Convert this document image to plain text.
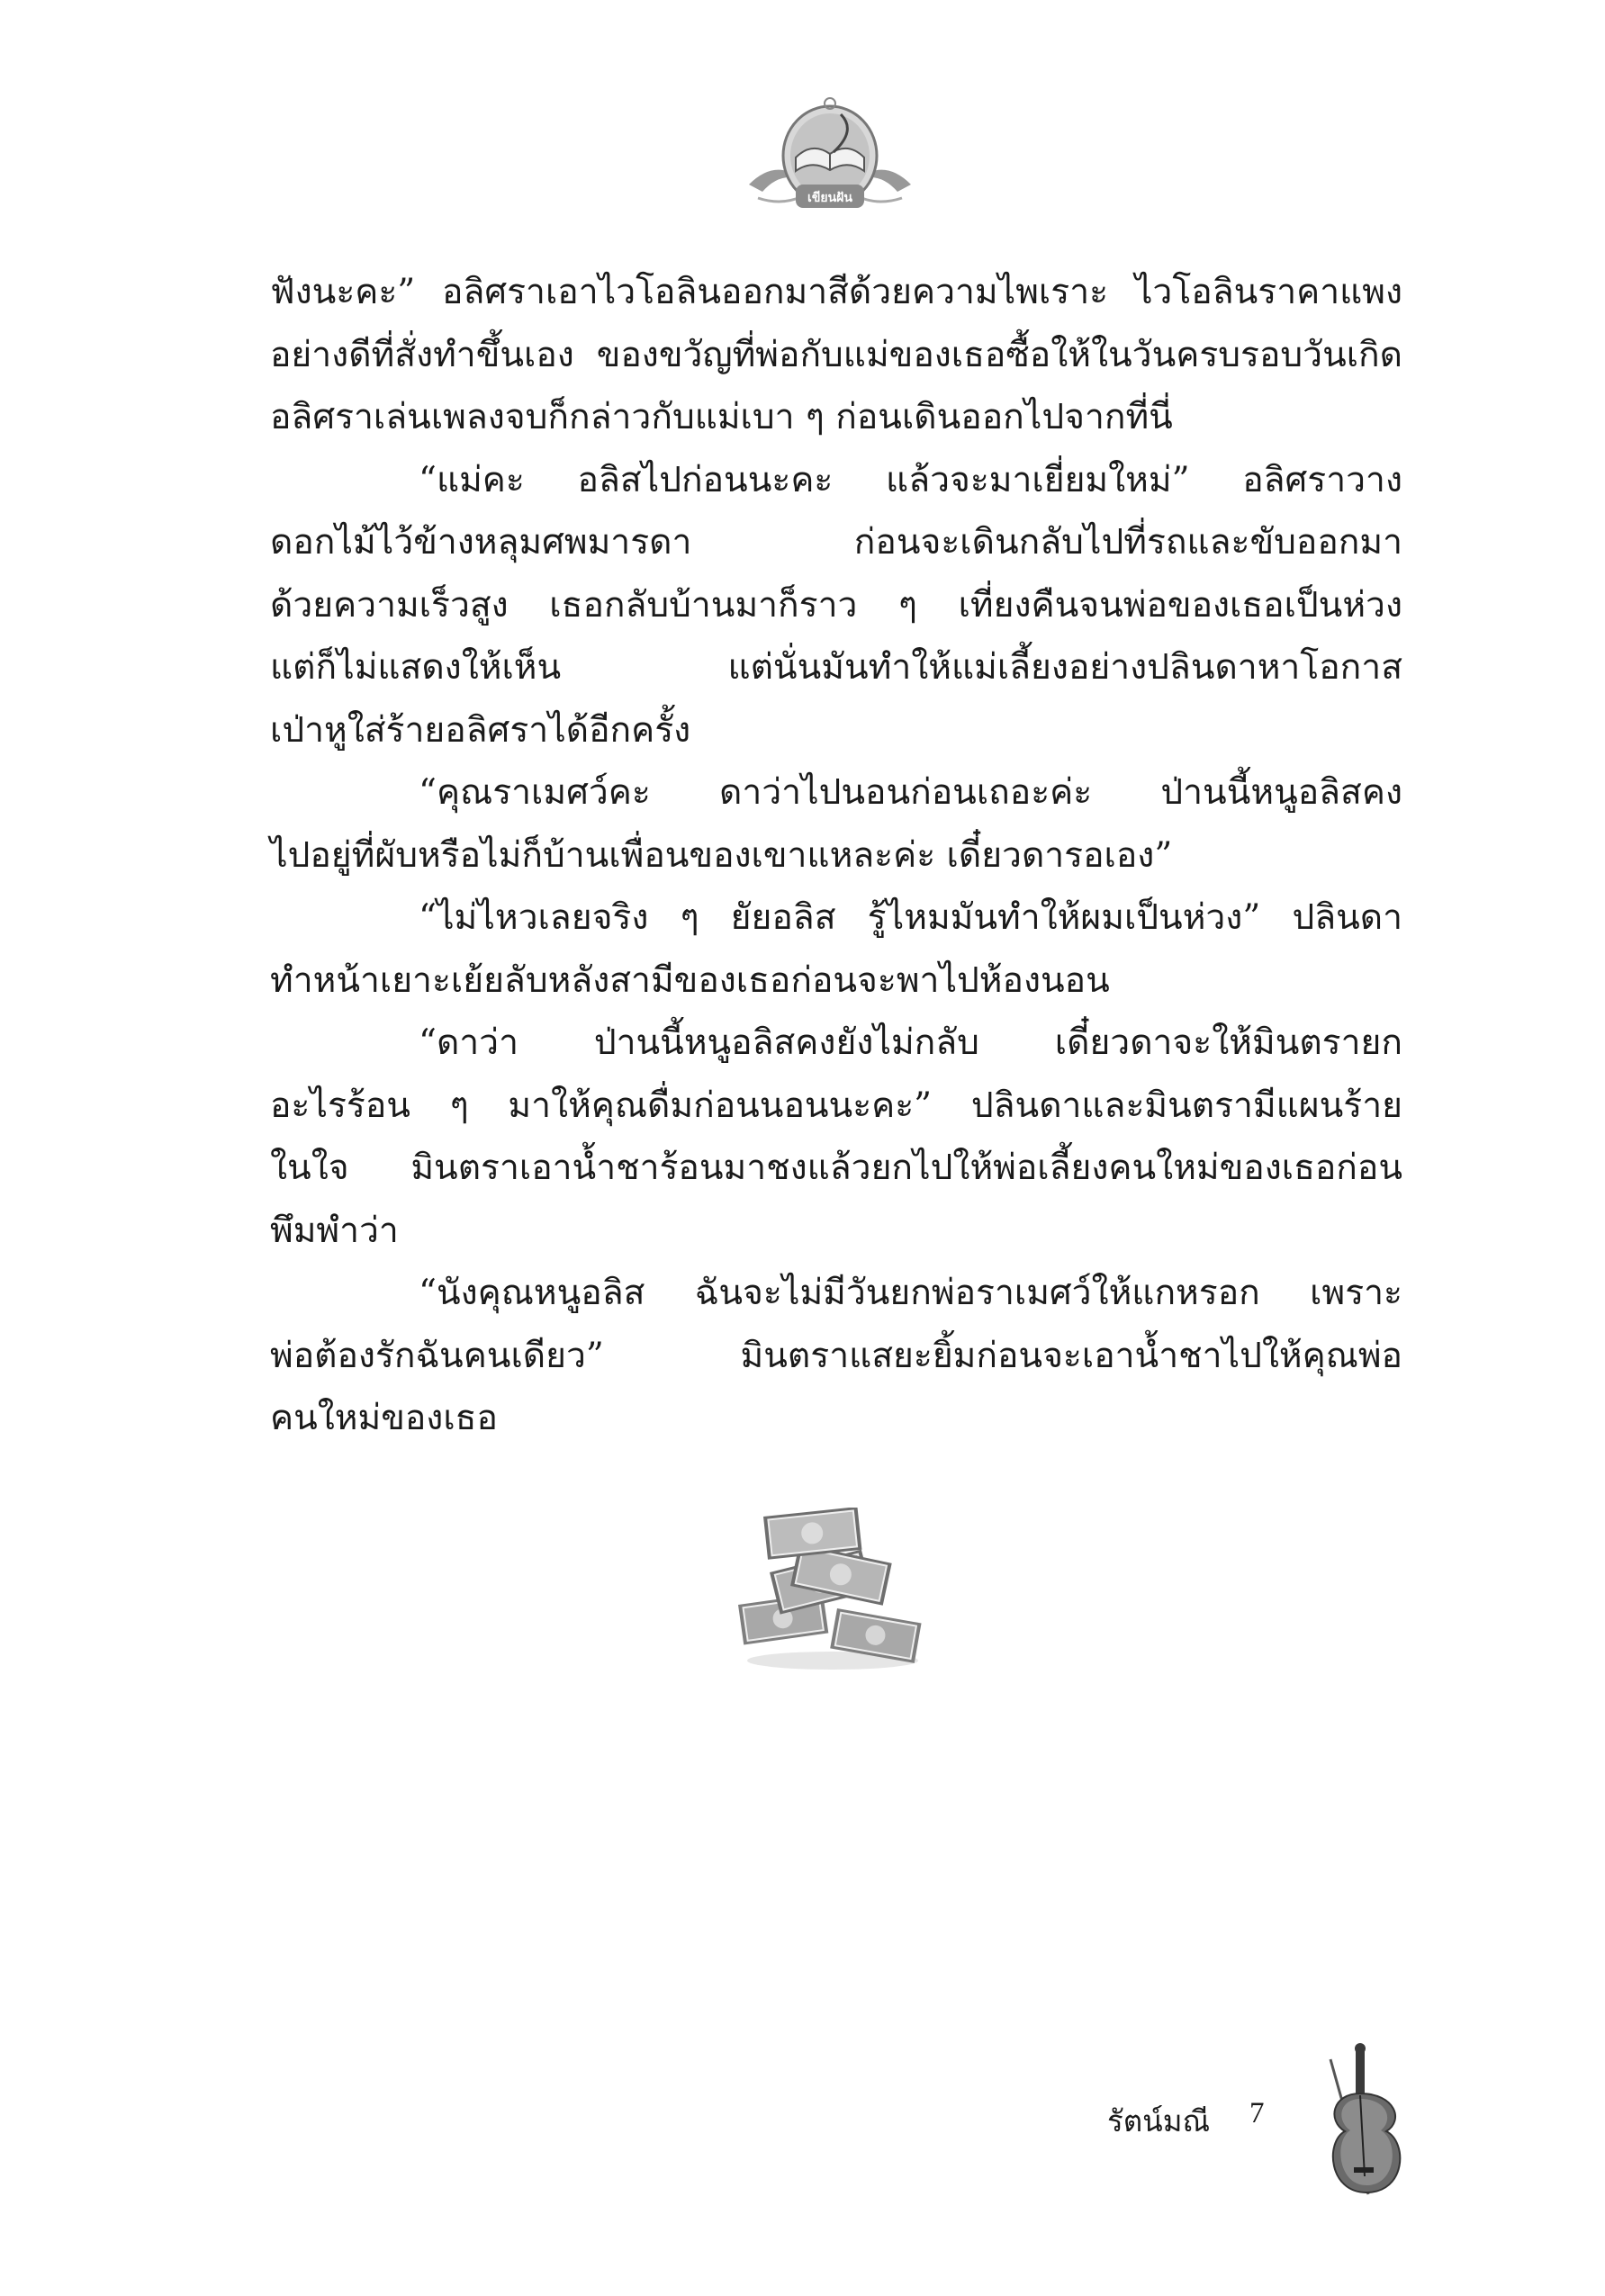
เขียนฝัน
ฟังนะคะ” อลิศราเอาไวโอลินออกมาสีด้วยความไพเราะ ไวโอลินราคาแพง
อย่างดีที่สั่งทำขึ้นเอง ของขวัญที่พ่อกับแม่ของเธอซื้อให้ในวันครบรอบวันเกิด
อลิศราเล่นเพลงจบก็กล่าวกับแม่เบา ๆ ก่อนเดินออกไปจากที่นี่
“แม่คะ อลิสไปก่อนนะคะ แล้วจะมาเยี่ยมใหม่” อลิศราวาง
ดอกไม้ไว้ข้างหลุมศพมารดา ก่อนจะเดินกลับไปที่รถและขับออกมา
ด้วยความเร็วสูง เธอกลับบ้านมาก็ราว ๆ เที่ยงคืนจนพ่อของเธอเป็นห่วง
แต่ก็ไม่แสดงให้เห็น แต่นั่นมันทำให้แม่เลี้ยงอย่างปลินดาหาโอกาส
เป่าหูใส่ร้ายอลิศราได้อีกครั้ง
“คุณราเมศว์คะ ดาว่าไปนอนก่อนเถอะค่ะ ป่านนี้หนูอลิสคง
ไปอยู่ที่ผับหรือไม่ก็บ้านเพื่อนของเขาแหละค่ะ เดี๋ยวดารอเอง”
“ไม่ไหวเลยจริง ๆ ยัยอลิส รู้ไหมมันทำให้ผมเป็นห่วง” ปลินดา
ทำหน้าเยาะเย้ยลับหลังสามีของเธอก่อนจะพาไปห้องนอน
“ดาว่า ป่านนี้หนูอลิสคงยังไม่กลับ เดี๋ยวดาจะให้มินตรายก
อะไรร้อน ๆ มาให้คุณดื่มก่อนนอนนะคะ” ปลินดาและมินตรามีแผนร้าย
ในใจ มินตราเอาน้ำชาร้อนมาชงแล้วยกไปให้พ่อเลี้ยงคนใหม่ของเธอก่อน
พึมพำว่า
“นังคุณหนูอลิส ฉันจะไม่มีวันยกพ่อราเมศว์ให้แกหรอก เพราะ
พ่อต้องรักฉันคนเดียว” มินตราแสยะยิ้มก่อนจะเอาน้ำชาไปให้คุณพ่อ
คนใหม่ของเธอ
รัตน์มณี 7
